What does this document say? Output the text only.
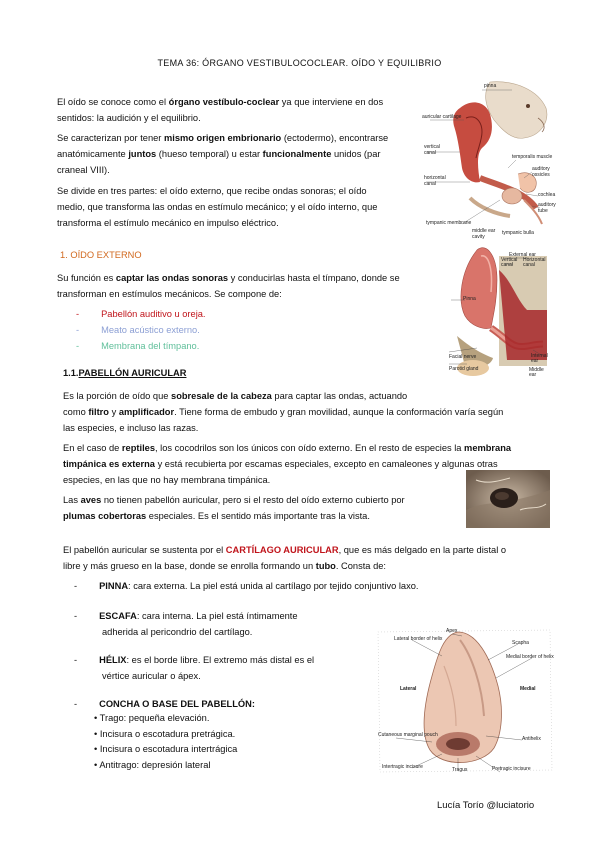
TEMA 36: ÓRGANO VESTIBULOCOCLEAR. OÍDO Y EQUILIBRIO
El oído se conoce como el órgano vestíbulo-coclear ya que interviene en dos
sentidos: la audición y el equilibrio.
Se caracterizan por tener mismo origen embrionario (ectodermo), encontrarse
anatómicamente juntos (hueso temporal) u estar funcionalmente unidos (par
craneal VIII).
Se divide en tres partes: el oído externo, que recibe ondas sonoras; el oído
medio, que transforma las ondas en estímulo mecánico; y el oído interno, que
transforma el estímulo mecánico en impulso eléctrico.
pinna
auricular cartilage
vertical canal
horizontal canal
temporalis muscle
auditory ossicles
cochlea
auditory tube
tympanic membrane
middle ear cavity
tympanic bulla
1. OÍDO EXTERNO
Su función es captar las ondas sonoras y conducirlas hasta el tímpano, donde se
transforman en estímulos mecánicos. Se compone de:
- Pabellón auditivo u oreja.
- Meato acústico externo.
- Membrana del tímpano.
External ear
Vertical canal
Horizontal canal
Pinna
Facial nerve
Parotid gland
Internal ear
Middle ear
1.1.PABELLÓN AURICULAR
Es la porción de oído que sobresale de la cabeza para captar las ondas, actuando
como filtro y amplificador. Tiene forma de embudo y gran movilidad, aunque la conformación varía según
las especies, e incluso las razas.
En el caso de reptiles, los cocodrilos son los únicos con oído externo. En el resto de especies la membrana
timpánica es externa y está recubierta por escamas especiales, excepto en camaleones y algunas otras
especies, en las que no hay membrana timpánica.
Las aves no tienen pabellón auricular, pero si el resto del oído externo cubierto por
plumas cobertoras especiales. Es el sentido más importante tras la vista.
El pabellón auricular se sustenta por el CARTÍLAGO AURICULAR, que es más delgado en la parte distal o
libre y más grueso en la base, donde se enrolla formando un tubo. Consta de:
- PINNA: cara externa. La piel está unida al cartílago por tejido conjuntivo laxo.
- ESCAFA: cara interna. La piel está íntimamente
adherida al pericondrio del cartílago.
- HÉLIX: es el borde libre. El extremo más distal es el
vértice auricular o ápex.
- CONCHA O BASE DEL PABELLÓN:
• Trago: pequeña elevación.
• Incisura o escotadura pretrágica.
• Incisura o escotadura intertrágica
• Antitrago: depresión lateral
Apex
Lateral border of helix
Scapha
Medial border of helix
Lateral	Medial
Cutaneous marginal pouch
Antihelix
Intertragic incisure	Tragus	Pretragic incisure
Lucía Torío @luciatorio
